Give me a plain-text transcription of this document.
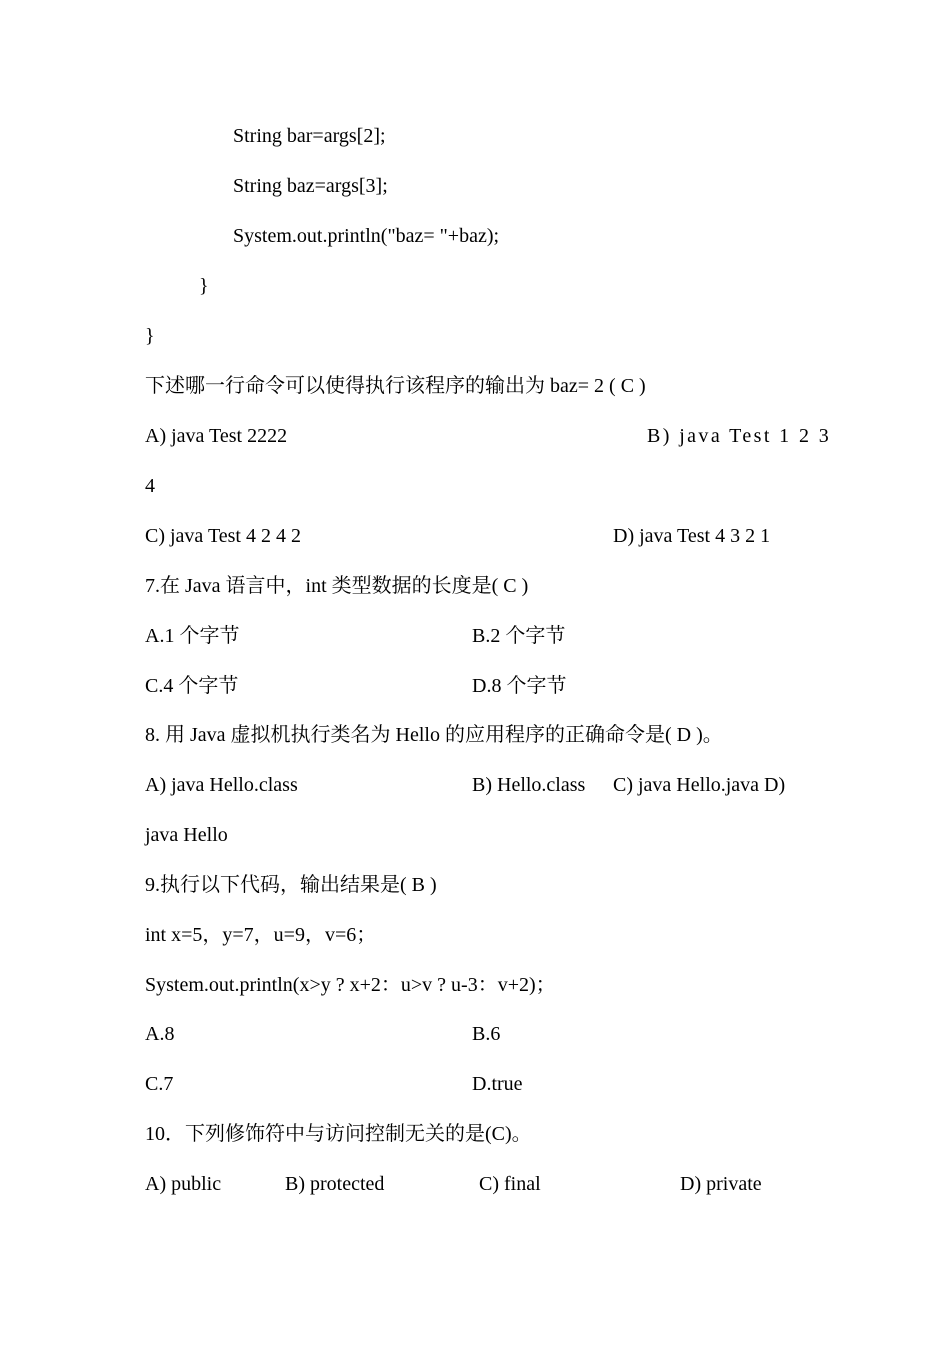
String bar=args[2];

String baz=args[3];

System.out.println("baz= "+baz);

}

}

下述哪一行命令可以使得执行该程序的输出为 baz= 2 ( C )

A) java Test 2222

	B) java Test 1 2 3

4

C) java Test 4 2 4 2

	D) java Test 4 3 2 1

7.在 Java 语言中，int 类型数据的长度是( C )

A.1 个字节

	B.2 个字节

C.4 个字节

	D.8 个字节

8. 用 Java 虚拟机执行类名为 Hello 的应用程序的正确命令是( D )。

A) java Hello.class

	B) Hello.class

C) java Hello.java D)

java Hello

9.执行以下代码，输出结果是( B )

int x=5，y=7，u=9，v=6；

System.out.println(x>y ? x+2：u>v ? u-3：v+2)；

A.8

	B.6

C.7

	D.true

10．下列修饰符中与访问控制无关的是(C)。

A) public

	B) protected

	C) final

	D) private
